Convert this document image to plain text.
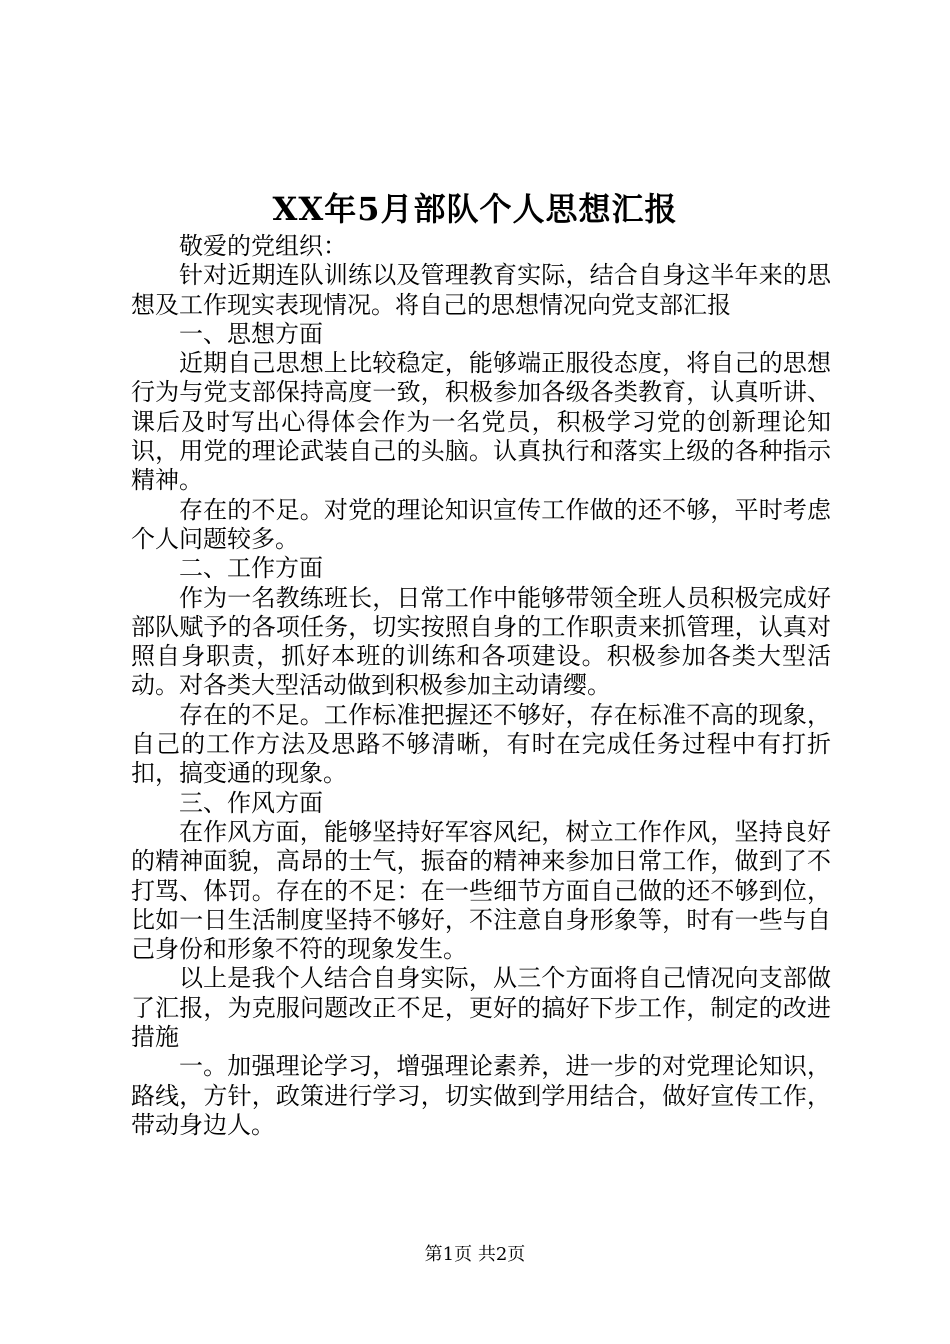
XX年5月部队个人思想汇报

敬爱的党组织：

针对近期连队训练以及管理教育实际，结合自身这半年来的思想及工作现实表现情况。将自己的思想情况向党支部汇报

一、思想方面

近期自己思想上比较稳定，能够端正服役态度，将自己的思想行为与党支部保持高度一致，积极参加各级各类教育，认真听讲、课后及时写出心得体会作为一名党员，积极学习党的创新理论知识，用党的理论武装自己的头脑。认真执行和落实上级的各种指示精神。

存在的不足。对党的理论知识宣传工作做的还不够，平时考虑个人问题较多。

二、工作方面

作为一名教练班长，日常工作中能够带领全班人员积极完成好部队赋予的各项任务，切实按照自身的工作职责来抓管理，认真对照自身职责，抓好本班的训练和各项建设。积极参加各类大型活动。对各类大型活动做到积极参加主动请缨。

存在的不足。工作标准把握还不够好，存在标准不高的现象，自己的工作方法及思路不够清晰，有时在完成任务过程中有打折扣，搞变通的现象。

三、作风方面

在作风方面，能够坚持好军容风纪，树立工作作风，坚持良好的精神面貌，高昂的士气，振奋的精神来参加日常工作，做到了不打骂、体罚。存在的不足：在一些细节方面自己做的还不够到位，比如一日生活制度坚持不够好，不注意自身形象等，时有一些与自己身份和形象不符的现象发生。

以上是我个人结合自身实际，从三个方面将自己情况向支部做了汇报，为克服问题改正不足，更好的搞好下步工作，制定的改进措施

一。加强理论学习，增强理论素养，进一步的对党理论知识，路线，方针，政策进行学习，切实做到学用结合，做好宣传工作，带动身边人。

第1页 共2页
